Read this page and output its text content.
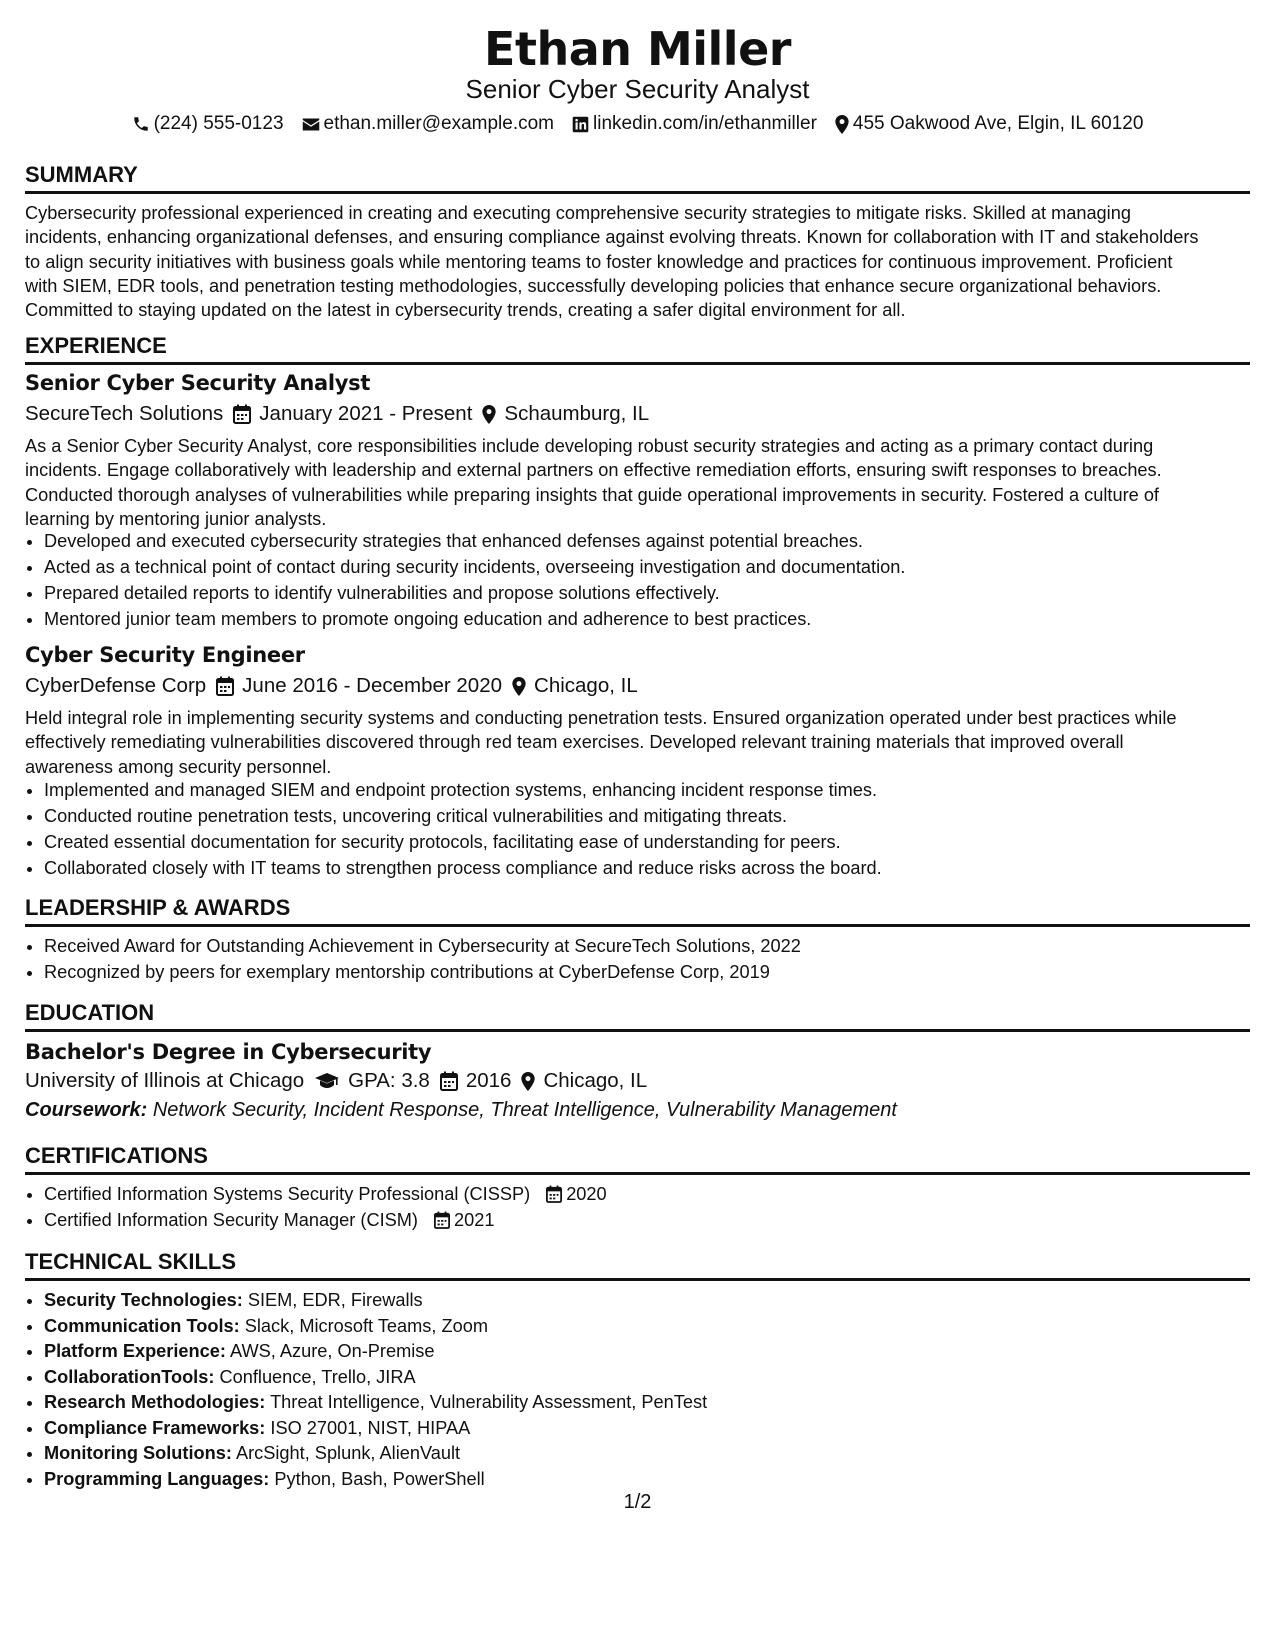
Ethan Miller
Senior Cyber Security Analyst
(224) 555-0123 ethan.miller@example.com linkedin.com/in/ethanmiller 455 Oakwood Ave, Elgin, IL 60120
SUMMARY
Cybersecurity professional experienced in creating and executing comprehensive security strategies to mitigate risks. Skilled at managing
incidents, enhancing organizational defenses, and ensuring compliance against evolving threats. Known for collaboration with IT and stakeholders
to align security initiatives with business goals while mentoring teams to foster knowledge and practices for continuous improvement. Proficient
with SIEM, EDR tools, and penetration testing methodologies, successfully developing policies that enhance secure organizational behaviors.
Committed to staying updated on the latest in cybersecurity trends, creating a safer digital environment for all.
EXPERIENCE
Senior Cyber Security Analyst
SecureTech Solutions January 2021 - Present Schaumburg, IL
As a Senior Cyber Security Analyst, core responsibilities include developing robust security strategies and acting as a primary contact during
incidents. Engage collaboratively with leadership and external partners on effective remediation efforts, ensuring swift responses to breaches.
Conducted thorough analyses of vulnerabilities while preparing insights that guide operational improvements in security. Fostered a culture of
learning by mentoring junior analysts.
• Developed and executed cybersecurity strategies that enhanced defenses against potential breaches.
• Acted as a technical point of contact during security incidents, overseeing investigation and documentation.
• Prepared detailed reports to identify vulnerabilities and propose solutions effectively.
• Mentored junior team members to promote ongoing education and adherence to best practices.
Cyber Security Engineer
CyberDefense Corp June 2016 - December 2020 Chicago, IL
Held integral role in implementing security systems and conducting penetration tests. Ensured organization operated under best practices while
effectively remediating vulnerabilities discovered through red team exercises. Developed relevant training materials that improved overall
awareness among security personnel.
• Implemented and managed SIEM and endpoint protection systems, enhancing incident response times.
• Conducted routine penetration tests, uncovering critical vulnerabilities and mitigating threats.
• Created essential documentation for security protocols, facilitating ease of understanding for peers.
• Collaborated closely with IT teams to strengthen process compliance and reduce risks across the board.
LEADERSHIP & AWARDS
• Received Award for Outstanding Achievement in Cybersecurity at SecureTech Solutions, 2022
• Recognized by peers for exemplary mentorship contributions at CyberDefense Corp, 2019
EDUCATION
Bachelor's Degree in Cybersecurity
University of Illinois at Chicago GPA: 3.8 2016 Chicago, IL
Coursework: Network Security, Incident Response, Threat Intelligence, Vulnerability Management
CERTIFICATIONS
• Certified Information Systems Security Professional (CISSP) 2020
• Certified Information Security Manager (CISM) 2021
TECHNICAL SKILLS
• Security Technologies: SIEM, EDR, Firewalls
• Communication Tools: Slack, Microsoft Teams, Zoom
• Platform Experience: AWS, Azure, On-Premise
• CollaborationTools: Confluence, Trello, JIRA
• Research Methodologies: Threat Intelligence, Vulnerability Assessment, PenTest
• Compliance Frameworks: ISO 27001, NIST, HIPAA
• Monitoring Solutions: ArcSight, Splunk, AlienVault
• Programming Languages: Python, Bash, PowerShell
1/2
